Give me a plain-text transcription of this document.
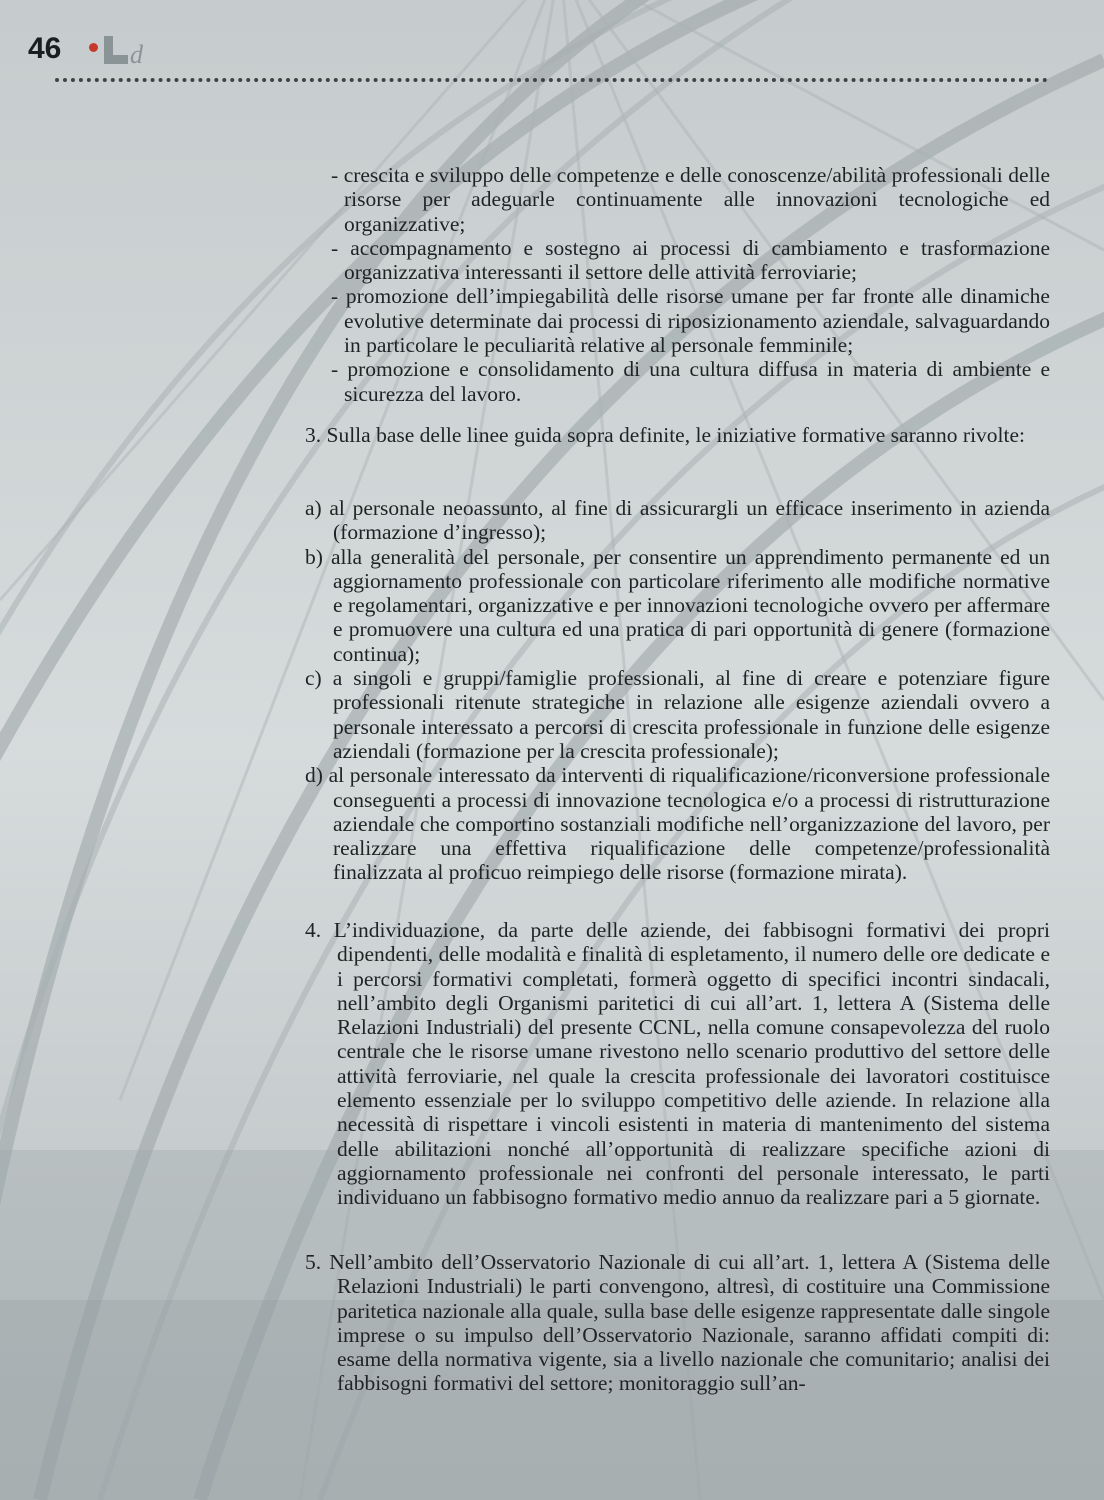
46	d

- crescita e sviluppo delle competenze e delle conoscenze/abilità professionali delle risorse per adeguarle continuamente alle innovazioni tecnologiche ed organizzative;

- accompagnamento e sostegno ai processi di cambiamento e trasformazione organizzativa interessanti il settore delle attività ferroviarie;

- promozione dell’impiegabilità delle risorse umane per far fronte alle dinamiche evolutive determinate dai processi di riposizionamento aziendale, salvaguardando in particolare le peculiarità relative al personale femminile;

- promozione e consolidamento di una cultura diffusa in materia di ambiente e sicurezza del lavoro.

3. Sulla base delle linee guida sopra definite, le iniziative formative saranno rivolte:

a) al personale neoassunto, al fine di assicurargli un efficace inserimento in azienda (formazione d’ingresso);

b) alla generalità del personale, per consentire un apprendimento permanente ed un aggiornamento professionale con particolare riferimento alle modifiche normative e regolamentari, organizzative e per innovazioni tecnologiche ovvero per affermare e promuovere una cultura ed una pratica di pari opportunità di genere (formazione continua);

c) a singoli e gruppi/famiglie professionali, al fine di creare e potenziare figure professionali ritenute strategiche in relazione alle esigenze aziendali ovvero a personale interessato a percorsi di crescita professionale in funzione delle esigenze aziendali (formazione per la crescita professionale);

d) al personale interessato da interventi di riqualificazione/riconversione professionale conseguenti a processi di innovazione tecnologica e/o a processi di ristrutturazione aziendale che comportino sostanziali modifiche nell’organizzazione del lavoro, per realizzare una effettiva riqualificazione delle competenze/professionalità finalizzata al proficuo reimpiego delle risorse (formazione mirata).

4. L’individuazione, da parte delle aziende, dei fabbisogni formativi dei propri dipendenti, delle modalità e finalità di espletamento, il numero delle ore dedicate e i percorsi formativi completati, formerà oggetto di specifici incontri sindacali, nell’ambito degli Organismi paritetici di cui all’art. 1, lettera A (Sistema delle Relazioni Industriali) del presente CCNL, nella comune consapevolezza del ruolo centrale che le risorse umane rivestono nello scenario produttivo del settore delle attività ferroviarie, nel quale la crescita professionale dei lavoratori costituisce elemento essenziale per lo sviluppo competitivo delle aziende. In relazione alla necessità di rispettare i vincoli esistenti in materia di mantenimento del sistema delle abilitazioni nonché all’opportunità di realizzare specifiche azioni di aggiornamento professionale nei confronti del personale interessato, le parti individuano un fabbisogno formativo medio annuo da realizzare pari a 5 giornate.

5. Nell’ambito dell’Osservatorio Nazionale di cui all’art. 1, lettera A (Sistema delle Relazioni Industriali) le parti convengono, altresì, di costituire una Commissione paritetica nazionale alla quale, sulla base delle esigenze rappresentate dalle singole imprese o su impulso dell’Osservatorio Nazionale, saranno affidati compiti di: esame della normativa vigente, sia a livello nazionale che comunitario; analisi dei fabbisogni formativi del settore; monitoraggio sull’an-
